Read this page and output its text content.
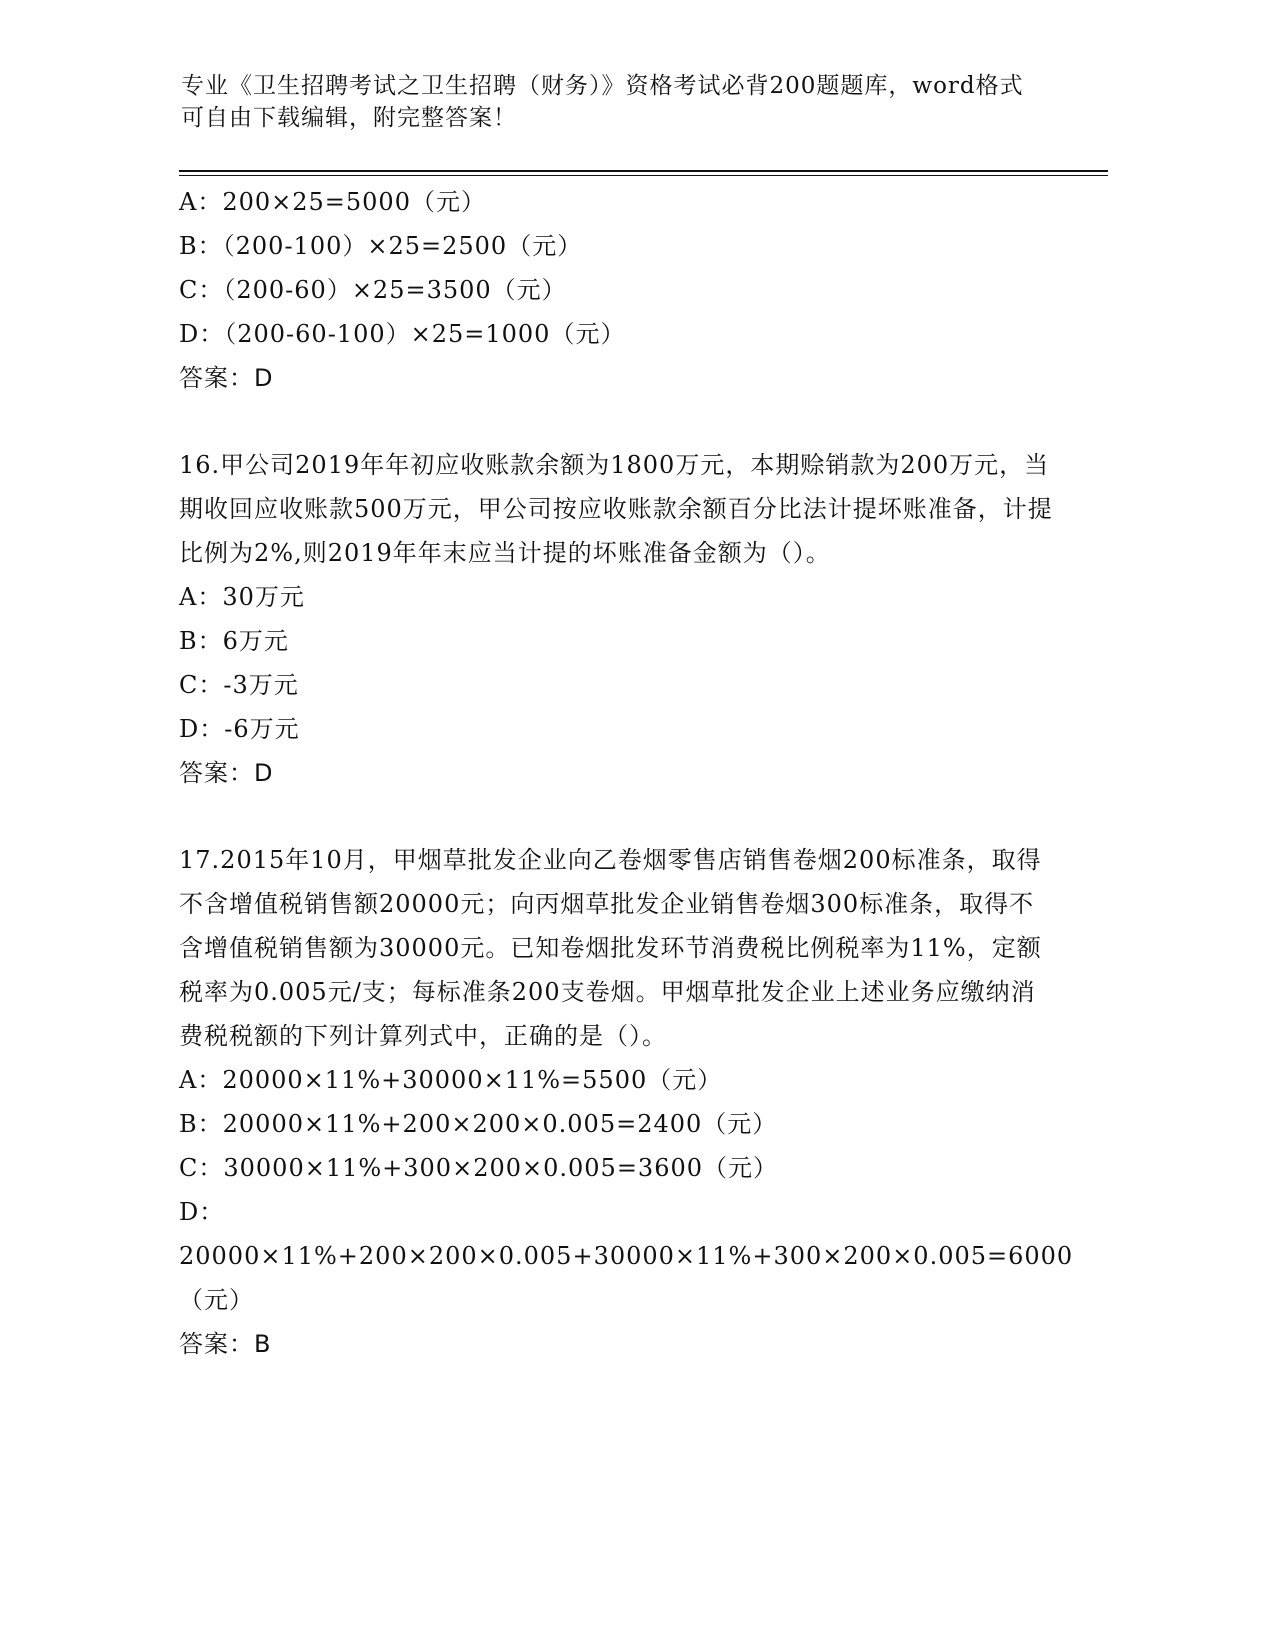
专业《卫生招聘考试之卫生招聘（财务）》资格考试必背200题题库，word格式可自由下载编辑，附完整答案！
A：200×25=5000（元）
B：（200-100）×25=2500（元）
C：（200-60）×25=3500（元）
D：（200-60-100）×25=1000（元）
答案：D

16.甲公司2019年年初应收账款余额为1800万元，本期赊销款为200万元，当期收回应收账款500万元，甲公司按应收账款余额百分比法计提坏账准备，计提比例为2%,则2019年年末应当计提的坏账准备金额为（）。

A：30万元
B：6万元
C：-3万元
D：-6万元
答案：D

17.2015年10月，甲烟草批发企业向乙卷烟零售店销售卷烟200标准条，取得不含增值税销售额20000元；向丙烟草批发企业销售卷烟300标准条，取得不含增值税销售额为30000元。已知卷烟批发环节消费税比例税率为11%，定额税率为0.005元/支；每标准条200支卷烟。甲烟草批发企业上述业务应缴纳消费税税额的下列计算列式中，正确的是（）。

A：20000×11%+30000×11%=5500（元）
B：20000×11%+200×200×0.005=2400（元）
C：30000×11%+300×200×0.005=3600（元）
D：20000×11%+200×200×0.005+30000×11%+300×200×0.005=6000（元）
答案：B
